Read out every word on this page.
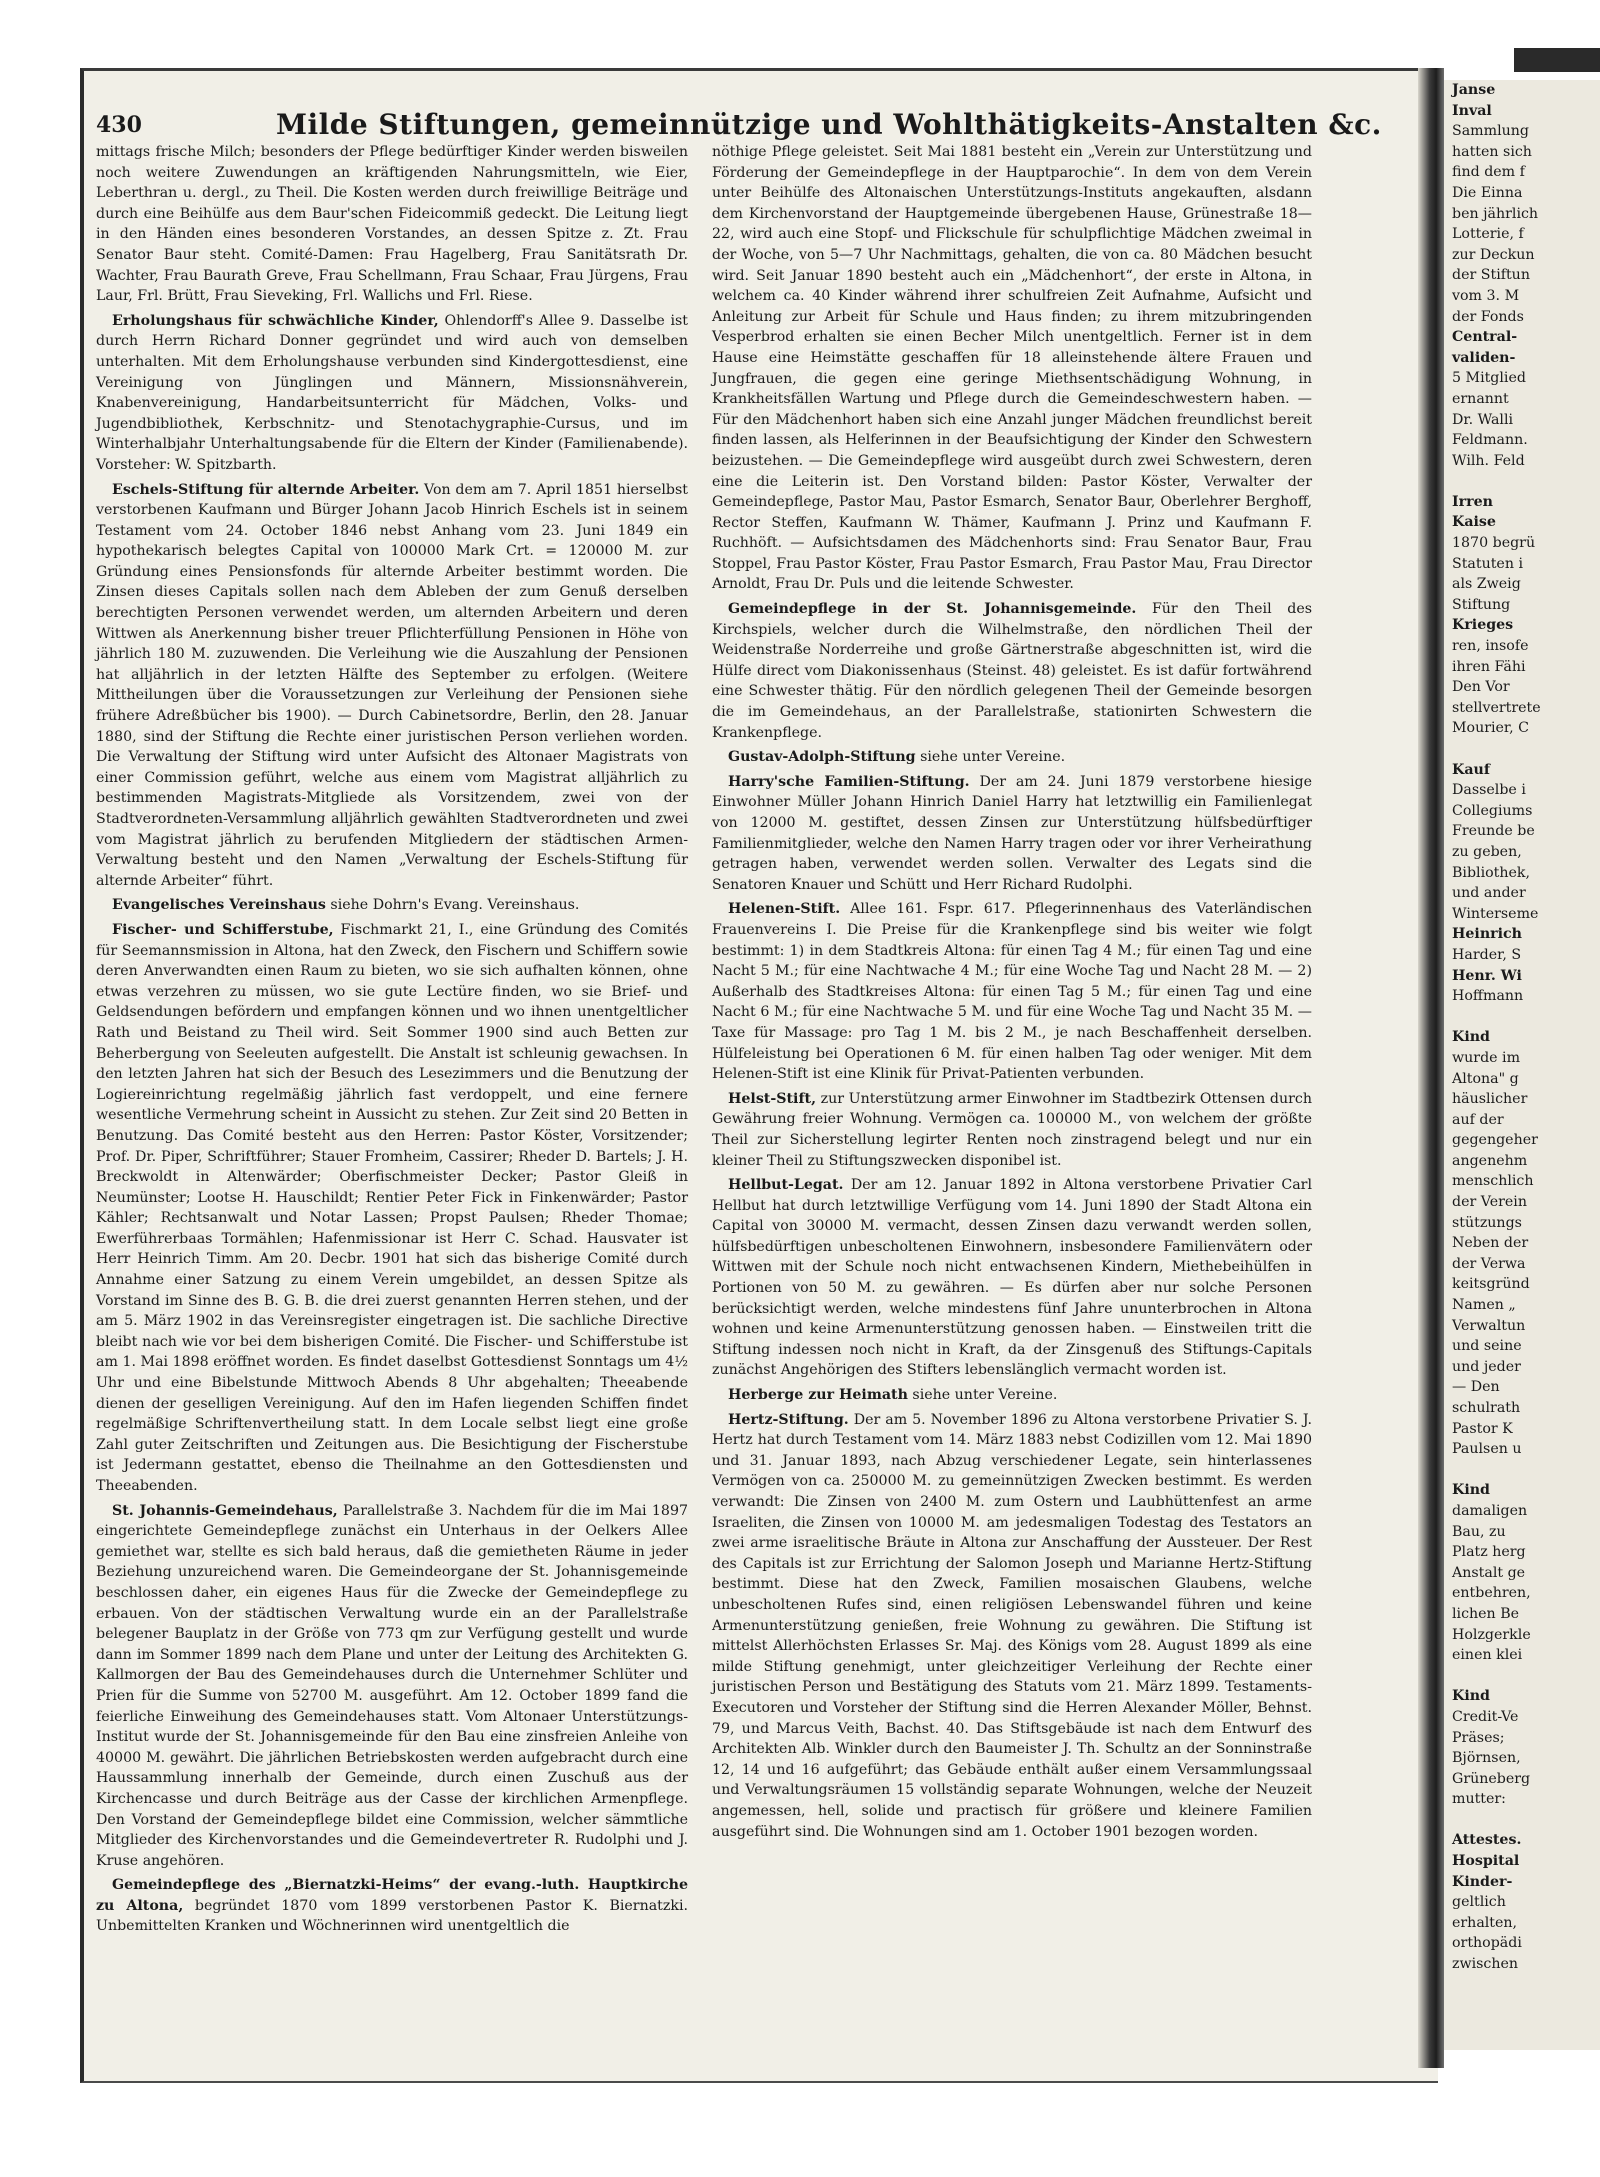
Janse
Inval
Sammlung
hatten sich
find dem f
Die Einna
ben jährlich
Lotterie, f
zur Deckun
der Stiftun
vom 3. M
der Fonds
Central-
validen-
5 Mitglied
ernannt
Dr. Walli
Feldmann.
Wilh. Feld

Irren
Kaise
1870 begrü
Statuten i
als Zweig
Stiftung
Krieges
ren, insofe
ihren Fähi
Den Vor
stellvertrete
Mourier, C

Kauf
Dasselbe i
Collegiums
Freunde be
zu geben,
Bibliothek,
und ander
Winterseme
Heinrich
Harder, S
Henr. Wi
Hoffmann

Kind
wurde im
Altona" g
häuslicher
auf der
gegengeher
angenehm
menschlich
der Verein
stützungs
Neben der
der Verwa
keitsgründ
Namen „
Verwaltun
und seine
und jeder
— Den
schulrath
Pastor K
Paulsen u

Kind
damaligen
Bau, zu
Platz herg
Anstalt ge
entbehren,
lichen Be
Holzgerkle
einen klei

Kind
Credit-Ve
Präses;
Björnsen,
Grüneberg
mutter:

Attestes.
Hospital
Kinder-
geltlich
erhalten,
orthopädi
zwischen
430	Milde Stiftungen, gemeinnützige und Wohlthätigkeits-Anstalten &c.

mittags frische Milch; besonders der Pflege bedürftiger Kinder werden bisweilen noch weitere Zuwendungen an kräftigenden Nahrungsmitteln, wie Eier, Leberthran u. dergl., zu Theil. Die Kosten werden durch freiwillige Beiträge und durch eine Beihülfe aus dem Baur'schen Fideicommiß gedeckt. Die Leitung liegt in den Händen eines besonderen Vorstandes, an dessen Spitze z. Zt. Frau Senator Baur steht. Comité-Damen: Frau Hagelberg, Frau Sanitätsrath Dr. Wachter, Frau Baurath Greve, Frau Schellmann, Frau Schaar, Frau Jürgens, Frau Laur, Frl. Brütt, Frau Sieveking, Frl. Wallichs und Frl. Riese.

Erholungshaus für schwächliche Kinder, Ohlendorff's Allee 9. Dasselbe ist durch Herrn Richard Donner gegründet und wird auch von demselben unterhalten. Mit dem Erholungshause verbunden sind Kindergottesdienst, eine Vereinigung von Jünglingen und Männern, Missionsnähverein, Knabenvereinigung, Handarbeitsunterricht für Mädchen, Volks- und Jugendbibliothek, Kerbschnitz- und Stenotachygraphie-Cursus, und im Winterhalbjahr Unterhaltungsabende für die Eltern der Kinder (Familienabende). Vorsteher: W. Spitzbarth.

Eschels-Stiftung für alternde Arbeiter. Von dem am 7. April 1851 hierselbst verstorbenen Kaufmann und Bürger Johann Jacob Hinrich Eschels ist in seinem Testament vom 24. October 1846 nebst Anhang vom 23. Juni 1849 ein hypothekarisch belegtes Capital von 100000 Mark Crt. = 120000 M. zur Gründung eines Pensionsfonds für alternde Arbeiter bestimmt worden. Die Zinsen dieses Capitals sollen nach dem Ableben der zum Genuß derselben berechtigten Personen verwendet werden, um alternden Arbeitern und deren Wittwen als Anerkennung bisher treuer Pflichterfüllung Pensionen in Höhe von jährlich 180 M. zuzuwenden. Die Verleihung wie die Auszahlung der Pensionen hat alljährlich in der letzten Hälfte des September zu erfolgen. (Weitere Mittheilungen über die Voraussetzungen zur Verleihung der Pensionen siehe frühere Adreßbücher bis 1900). — Durch Cabinetsordre, Berlin, den 28. Januar 1880, sind der Stiftung die Rechte einer juristischen Person verliehen worden. Die Verwaltung der Stiftung wird unter Aufsicht des Altonaer Magistrats von einer Commission geführt, welche aus einem vom Magistrat alljährlich zu bestimmenden Magistrats-Mitgliede als Vorsitzendem, zwei von der Stadtverordneten-Versammlung alljährlich gewählten Stadtverordneten und zwei vom Magistrat jährlich zu berufenden Mitgliedern der städtischen Armen-Verwaltung besteht und den Namen „Verwaltung der Eschels-Stiftung für alternde Arbeiter“ führt.

Evangelisches Vereinshaus siehe Dohrn's Evang. Vereinshaus.

Fischer- und Schifferstube, Fischmarkt 21, I., eine Gründung des Comités für Seemannsmission in Altona, hat den Zweck, den Fischern und Schiffern sowie deren Anverwandten einen Raum zu bieten, wo sie sich aufhalten können, ohne etwas verzehren zu müssen, wo sie gute Lectüre finden, wo sie Brief- und Geldsendungen befördern und empfangen können und wo ihnen unentgeltlicher Rath und Beistand zu Theil wird. Seit Sommer 1900 sind auch Betten zur Beherbergung von Seeleuten aufgestellt. Die Anstalt ist schleunig gewachsen. In den letzten Jahren hat sich der Besuch des Lesezimmers und die Benutzung der Logiereinrichtung regelmäßig jährlich fast verdoppelt, und eine fernere wesentliche Vermehrung scheint in Aussicht zu stehen. Zur Zeit sind 20 Betten in Benutzung. Das Comité besteht aus den Herren: Pastor Köster, Vorsitzender; Prof. Dr. Piper, Schriftführer; Stauer Fromheim, Cassirer; Rheder D. Bartels; J. H. Breckwoldt in Altenwärder; Oberfischmeister Decker; Pastor Gleiß in Neumünster; Lootse H. Hauschildt; Rentier Peter Fick in Finkenwärder; Pastor Kähler; Rechtsanwalt und Notar Lassen; Propst Paulsen; Rheder Thomae; Ewerführerbaas Tormählen; Hafenmissionar ist Herr C. Schad. Hausvater ist Herr Heinrich Timm. Am 20. Decbr. 1901 hat sich das bisherige Comité durch Annahme einer Satzung zu einem Verein umgebildet, an dessen Spitze als Vorstand im Sinne des B. G. B. die drei zuerst genannten Herren stehen, und der am 5. März 1902 in das Vereinsregister eingetragen ist. Die sachliche Directive bleibt nach wie vor bei dem bisherigen Comité. Die Fischer- und Schifferstube ist am 1. Mai 1898 eröffnet worden. Es findet daselbst Gottesdienst Sonntags um 4½ Uhr und eine Bibelstunde Mittwoch Abends 8 Uhr abgehalten; Theeabende dienen der geselligen Vereinigung. Auf den im Hafen liegenden Schiffen findet regelmäßige Schriftenvertheilung statt. In dem Locale selbst liegt eine große Zahl guter Zeitschriften und Zeitungen aus. Die Besichtigung der Fischerstube ist Jedermann gestattet, ebenso die Theilnahme an den Gottesdiensten und Theeabenden.

St. Johannis-Gemeindehaus, Parallelstraße 3. Nachdem für die im Mai 1897 eingerichtete Gemeindepflege zunächst ein Unterhaus in der Oelkers Allee gemiethet war, stellte es sich bald heraus, daß die gemietheten Räume in jeder Beziehung unzureichend waren. Die Gemeindeorgane der St. Johannisgemeinde beschlossen daher, ein eigenes Haus für die Zwecke der Gemeindepflege zu erbauen. Von der städtischen Verwaltung wurde ein an der Parallelstraße belegener Bauplatz in der Größe von 773 qm zur Verfügung gestellt und wurde dann im Sommer 1899 nach dem Plane und unter der Leitung des Architekten G. Kallmorgen der Bau des Gemeindehauses durch die Unternehmer Schlüter und Prien für die Summe von 52700 M. ausgeführt. Am 12. October 1899 fand die feierliche Einweihung des Gemeindehauses statt. Vom Altonaer Unterstützungs-Institut wurde der St. Johannisgemeinde für den Bau eine zinsfreien Anleihe von 40000 M. gewährt. Die jährlichen Betriebskosten werden aufgebracht durch eine Haussammlung innerhalb der Gemeinde, durch einen Zuschuß aus der Kirchencasse und durch Beiträge aus der Casse der kirchlichen Armenpflege. Den Vorstand der Gemeindepflege bildet eine Commission, welcher sämmtliche Mitglieder des Kirchenvorstandes und die Gemeindevertreter R. Rudolphi und J. Kruse angehören.

Gemeindepflege des „Biernatzki-Heims“ der evang.-luth. Hauptkirche zu Altona, begründet 1870 vom 1899 verstorbenen Pastor K. Biernatzki. Unbemittelten Kranken und Wöchnerinnen wird unentgeltlich die

nöthige Pflege geleistet. Seit Mai 1881 besteht ein „Verein zur Unterstützung und Förderung der Gemeindepflege in der Hauptparochie“. In dem von dem Verein unter Beihülfe des Altonaischen Unterstützungs-Instituts angekauften, alsdann dem Kirchenvorstand der Hauptgemeinde übergebenen Hause, Grünestraße 18—22, wird auch eine Stopf- und Flickschule für schulpflichtige Mädchen zweimal in der Woche, von 5—7 Uhr Nachmittags, gehalten, die von ca. 80 Mädchen besucht wird. Seit Januar 1890 besteht auch ein „Mädchenhort“, der erste in Altona, in welchem ca. 40 Kinder während ihrer schulfreien Zeit Aufnahme, Aufsicht und Anleitung zur Arbeit für Schule und Haus finden; zu ihrem mitzubringenden Vesperbrod erhalten sie einen Becher Milch unentgeltlich. Ferner ist in dem Hause eine Heimstätte geschaffen für 18 alleinstehende ältere Frauen und Jungfrauen, die gegen eine geringe Miethsentschädigung Wohnung, in Krankheitsfällen Wartung und Pflege durch die Gemeindeschwestern haben. — Für den Mädchenhort haben sich eine Anzahl junger Mädchen freundlichst bereit finden lassen, als Helferinnen in der Beaufsichtigung der Kinder den Schwestern beizustehen. — Die Gemeindepflege wird ausgeübt durch zwei Schwestern, deren eine die Leiterin ist. Den Vorstand bilden: Pastor Köster, Verwalter der Gemeindepflege, Pastor Mau, Pastor Esmarch, Senator Baur, Oberlehrer Berghoff, Rector Steffen, Kaufmann W. Thämer, Kaufmann J. Prinz und Kaufmann F. Ruchhöft. — Aufsichtsdamen des Mädchenhorts sind: Frau Senator Baur, Frau Stoppel, Frau Pastor Köster, Frau Pastor Esmarch, Frau Pastor Mau, Frau Director Arnoldt, Frau Dr. Puls und die leitende Schwester.

Gemeindepflege in der St. Johannisgemeinde. Für den Theil des Kirchspiels, welcher durch die Wilhelmstraße, den nördlichen Theil der Weidenstraße Norderreihe und große Gärtnerstraße abgeschnitten ist, wird die Hülfe direct vom Diakonissenhaus (Steinst. 48) geleistet. Es ist dafür fortwährend eine Schwester thätig. Für den nördlich gelegenen Theil der Gemeinde besorgen die im Gemeindehaus, an der Parallelstraße, stationirten Schwestern die Krankenpflege.

Gustav-Adolph-Stiftung siehe unter Vereine.

Harry'sche Familien-Stiftung. Der am 24. Juni 1879 verstorbene hiesige Einwohner Müller Johann Hinrich Daniel Harry hat letztwillig ein Familienlegat von 12000 M. gestiftet, dessen Zinsen zur Unterstützung hülfsbedürftiger Familienmitglieder, welche den Namen Harry tragen oder vor ihrer Verheirathung getragen haben, verwendet werden sollen. Verwalter des Legats sind die Senatoren Knauer und Schütt und Herr Richard Rudolphi.

Helenen-Stift. Allee 161. Fspr. 617. Pflegerinnenhaus des Vaterländischen Frauenvereins I. Die Preise für die Krankenpflege sind bis weiter wie folgt bestimmt: 1) in dem Stadtkreis Altona: für einen Tag 4 M.; für einen Tag und eine Nacht 5 M.; für eine Nachtwache 4 M.; für eine Woche Tag und Nacht 28 M. — 2) Außerhalb des Stadtkreises Altona: für einen Tag 5 M.; für einen Tag und eine Nacht 6 M.; für eine Nachtwache 5 M. und für eine Woche Tag und Nacht 35 M. — Taxe für Massage: pro Tag 1 M. bis 2 M., je nach Beschaffenheit derselben. Hülfeleistung bei Operationen 6 M. für einen halben Tag oder weniger. Mit dem Helenen-Stift ist eine Klinik für Privat-Patienten verbunden.

Helst-Stift, zur Unterstützung armer Einwohner im Stadtbezirk Ottensen durch Gewährung freier Wohnung. Vermögen ca. 100000 M., von welchem der größte Theil zur Sicherstellung legirter Renten noch zinstragend belegt und nur ein kleiner Theil zu Stiftungszwecken disponibel ist.

Hellbut-Legat. Der am 12. Januar 1892 in Altona verstorbene Privatier Carl Hellbut hat durch letztwillige Verfügung vom 14. Juni 1890 der Stadt Altona ein Capital von 30000 M. vermacht, dessen Zinsen dazu verwandt werden sollen, hülfsbedürftigen unbescholtenen Einwohnern, insbesondere Familienvätern oder Wittwen mit der Schule noch nicht entwachsenen Kindern, Miethebeihülfen in Portionen von 50 M. zu gewähren. — Es dürfen aber nur solche Personen berücksichtigt werden, welche mindestens fünf Jahre ununterbrochen in Altona wohnen und keine Armenunterstützung genossen haben. — Einstweilen tritt die Stiftung indessen noch nicht in Kraft, da der Zinsgenuß des Stiftungs-Capitals zunächst Angehörigen des Stifters lebenslänglich vermacht worden ist.

Herberge zur Heimath siehe unter Vereine.

Hertz-Stiftung. Der am 5. November 1896 zu Altona verstorbene Privatier S. J. Hertz hat durch Testament vom 14. März 1883 nebst Codizillen vom 12. Mai 1890 und 31. Januar 1893, nach Abzug verschiedener Legate, sein hinterlassenes Vermögen von ca. 250000 M. zu gemeinnützigen Zwecken bestimmt. Es werden verwandt: Die Zinsen von 2400 M. zum Ostern und Laubhüttenfest an arme Israeliten, die Zinsen von 10000 M. am jedesmaligen Todestag des Testators an zwei arme israelitische Bräute in Altona zur Anschaffung der Aussteuer. Der Rest des Capitals ist zur Errichtung der Salomon Joseph und Marianne Hertz-Stiftung bestimmt. Diese hat den Zweck, Familien mosaischen Glaubens, welche unbescholtenen Rufes sind, einen religiösen Lebenswandel führen und keine Armenunterstützung genießen, freie Wohnung zu gewähren. Die Stiftung ist mittelst Allerhöchsten Erlasses Sr. Maj. des Königs vom 28. August 1899 als eine milde Stiftung genehmigt, unter gleichzeitiger Verleihung der Rechte einer juristischen Person und Bestätigung des Statuts vom 21. März 1899. Testaments-Executoren und Vorsteher der Stiftung sind die Herren Alexander Möller, Behnst. 79, und Marcus Veith, Bachst. 40. Das Stiftsgebäude ist nach dem Entwurf des Architekten Alb. Winkler durch den Baumeister J. Th. Schultz an der Sonninstraße 12, 14 und 16 aufgeführt; das Gebäude enthält außer einem Versammlungssaal und Verwaltungsräumen 15 vollständig separate Wohnungen, welche der Neuzeit angemessen, hell, solide und practisch für größere und kleinere Familien ausgeführt sind. Die Wohnungen sind am 1. October 1901 bezogen worden.
